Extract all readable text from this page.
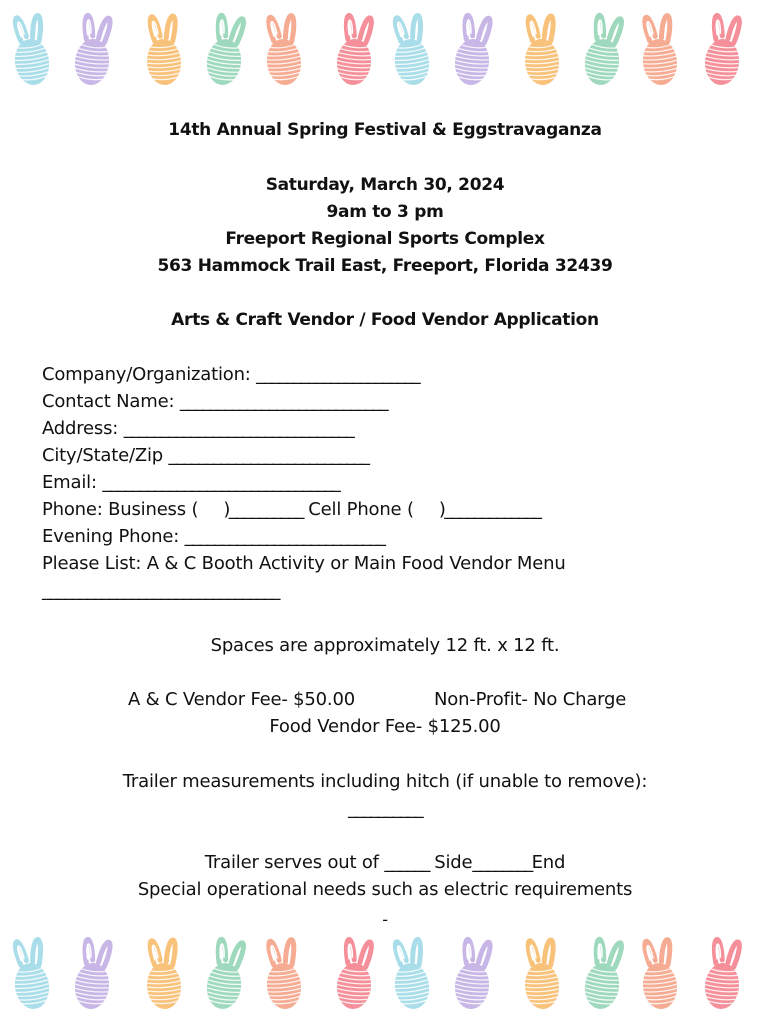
14th Annual Spring Festival & Eggstravaganza
Saturday, March 30, 2024
9am to 3 pm
Freeport Regional Sports Complex
563 Hammock Trail East, Freeport, Florida 32439
Arts & Craft Vendor / Food Vendor Application
Company/Organization: ______________________
Contact Name: ____________________________
Address: _______________________________
City/State/Zip ___________________________
Email: ________________________________
Phone: Business ( )__________ Cell Phone ( )_____________
Evening Phone: ___________________________
Please List: A & C Booth Activity or Main Food Vendor Menu
________________________________
Spaces are approximately 12 ft. x 12 ft.
A & C Vendor Fee- $50.00	Non-Profit- No Charge
Food Vendor Fee- $125.00
Trailer measurements including hitch (if unable to remove):
__________
Trailer serves out of ______ Side________End
Special operational needs such as electric requirements
-
